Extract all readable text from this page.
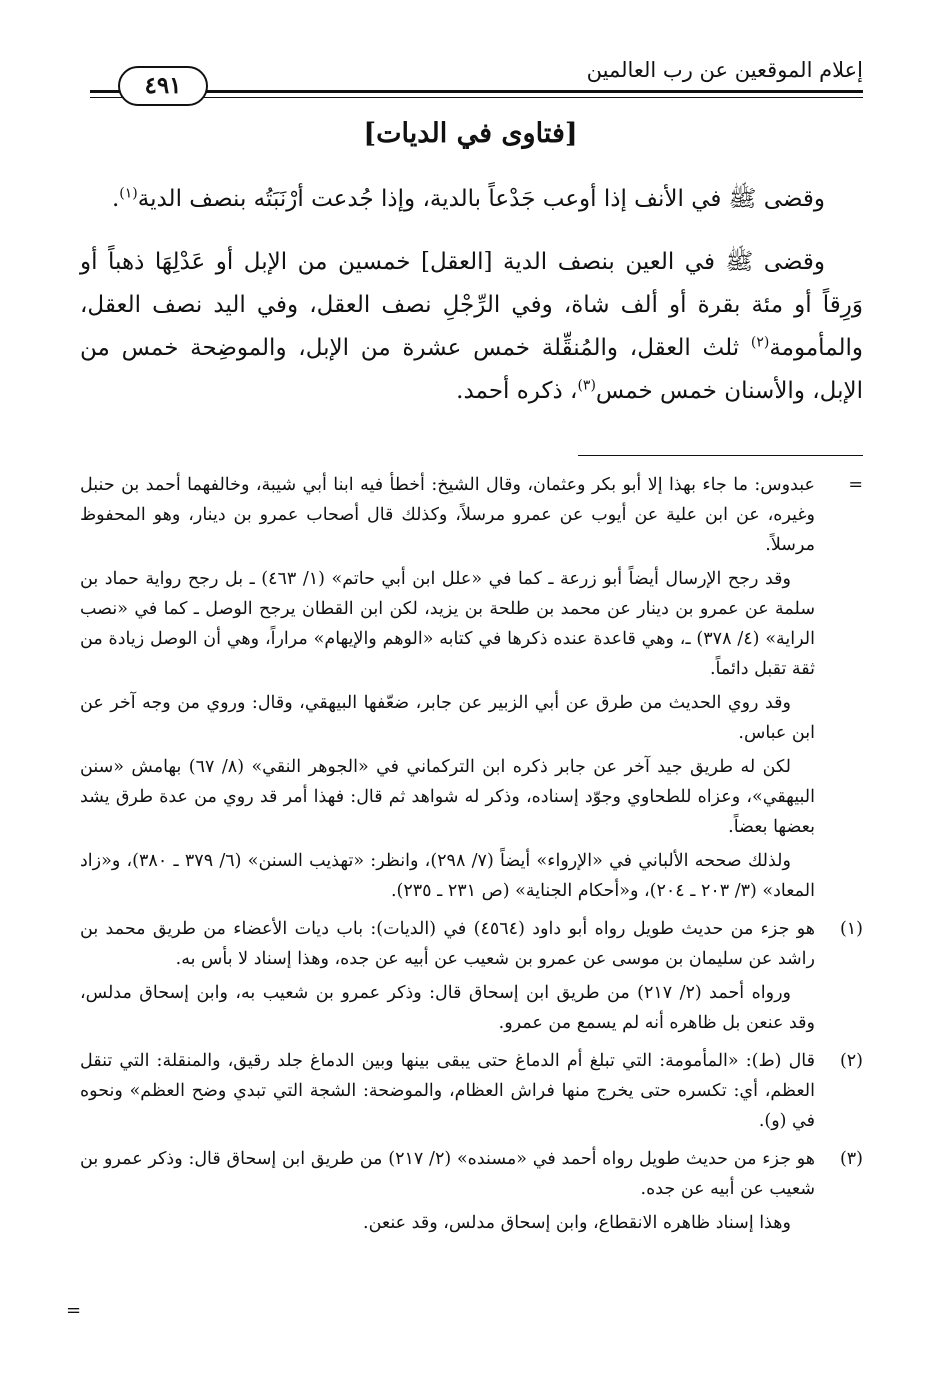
إعلام الموقعين عن رب العالمين
٤٩١
[فتاوى في الديات]

وقضى ﷺ في الأنف إذا أوعب جَدْعاً بالدية، وإذا جُدعت أرْنَبَتُه بنصف الدية$^{(١)}$.

وقضى ﷺ في العين بنصف الدية [العقل] خمسين من الإبل أو عَدْلِهَا ذهباً أو وَرِقاً أو مئة بقرة أو ألف شاة، وفي الرِّجْلِ نصف العقل، وفي اليد نصف العقل، والمأمومة$^{(٢)}$ ثلث العقل، والمُنقِّلة خمس عشرة من الإبل، والموضِحة خمس من الإبل، والأسنان خمس خمس$^{(٣)}$، ذكره أحمد.

=

عبدوس: ما جاء بهذا إلا أبو بكر وعثمان، وقال الشيخ: أخطأ فيه ابنا أبي شيبة، وخالفهما أحمد بن حنبل وغيره، عن ابن علية عن أيوب عن عمرو مرسلاً، وكذلك قال أصحاب عمرو بن دينار، وهو المحفوظ مرسلاً.

وقد رجح الإرسال أيضاً أبو زرعة ـ كما في «علل ابن أبي حاتم» (١/ ٤٦٣) ـ بل رجح رواية حماد بن سلمة عن عمرو بن دينار عن محمد بن طلحة بن يزيد، لكن ابن القطان يرجح الوصل ـ كما في «نصب الراية» (٤/ ٣٧٨) ـ، وهي قاعدة عنده ذكرها في كتابه «الوهم والإيهام» مراراً، وهي أن الوصل زيادة من ثقة تقبل دائماً.

وقد روي الحديث من طرق عن أبي الزبير عن جابر، ضعّفها البيهقي، وقال: وروي من وجه آخر عن ابن عباس.

لكن له طريق جيد آخر عن جابر ذكره ابن التركماني في «الجوهر النقي» (٨/ ٦٧) بهامش «سنن البيهقي»، وعزاه للطحاوي وجوّد إسناده، وذكر له شواهد ثم قال: فهذا أمر قد روي من عدة طرق يشد بعضها بعضاً.

ولذلك صححه الألباني في «الإرواء» أيضاً (٧/ ٢٩٨)، وانظر: «تهذيب السنن» (٦/ ٣٧٩ ـ ٣٨٠)، و«زاد المعاد» (٣/ ٢٠٣ ـ ٢٠٤)، و«أحكام الجناية» (ص ٢٣١ ـ ٢٣٥).

(١)

هو جزء من حديث طويل رواه أبو داود (٤٥٦٤) في (الديات): باب ديات الأعضاء من طريق محمد بن راشد عن سليمان بن موسى عن عمرو بن شعيب عن أبيه عن جده، وهذا إسناد لا بأس به.

ورواه أحمد (٢/ ٢١٧) من طريق ابن إسحاق قال: وذكر عمرو بن شعيب به، وابن إسحاق مدلس، وقد عنعن بل ظاهره أنه لم يسمع من عمرو.

(٢)

قال (ط): «المأمومة: التي تبلغ أم الدماغ حتى يبقى بينها وبين الدماغ جلد رقيق، والمنقلة: التي تنقل العظم، أي: تكسره حتى يخرج منها فراش العظام، والموضحة: الشجة التي تبدي وضح العظم» ونحوه في (و).

(٣)

هو جزء من حديث طويل رواه أحمد في «مسنده» (٢/ ٢١٧) من طريق ابن إسحاق قال: وذكر عمرو بن شعيب عن أبيه عن جده.

وهذا إسناد ظاهره الانقطاع، وابن إسحاق مدلس، وقد عنعن.

=
